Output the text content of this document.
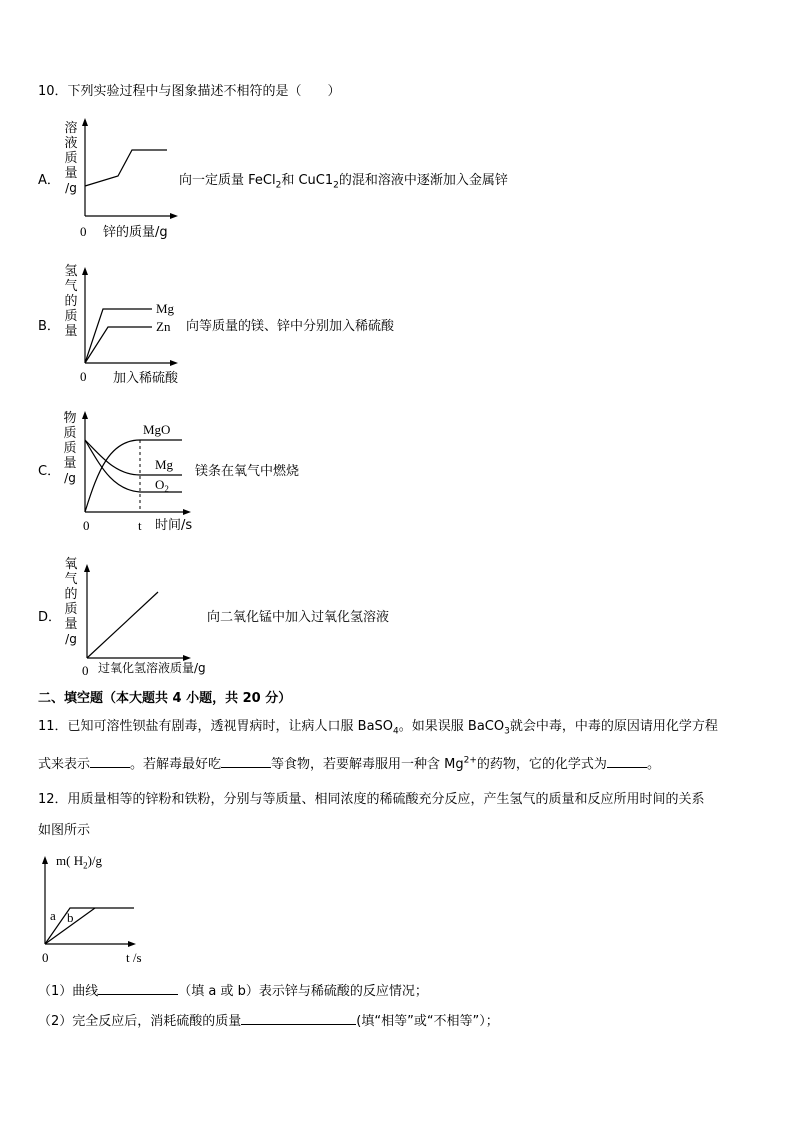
10．下列实验过程中与图象描述不相符的是（　　）
A．
溶
液
质
量
/g
0 锌的质量/g
向一定质量 FeCl$_2$和 $CuC1_2$的混和溶液中逐渐加入金属锌
B．
氢
气
的
质
量
Mg
Zn
0 加入稀硫酸
向等质量的镁、锌中分别加入稀硫酸
C．
物
质
质
量
/g
MgO
Mg
$O_2$
0	t 时间/s
镁条在氧气中燃烧
D．
氧
气
的
质
量
/g
0 过氧化氢溶液质量/g
向二氧化锰中加入过氧化氢溶液
二、填空题（本大题共 4 小题，共 20 分）
11．已知可溶性钡盐有剧毒，透视胃病时，让病人口服 BaSO$_4$。如果误服 BaCO$_3$就会中毒，中毒的原因请用化学方程
式来表示	。若解毒最好吃	等食物，若要解毒服用一种含 $Mg^{2+}$的药物，它的化学式为	。
12．用质量相等的锌粉和铁粉，分别与等质量、相同浓度的稀硫酸充分反应，产生氢气的质量和反应所用时间的关系
如图所示
a b
m( $H_2)/g$
0	t /s
（1）曲线	（填 a 或 b）表示锌与稀硫酸的反应情况；
（2）完全反应后，消耗硫酸的质量	(填“相等”或“不相等”）；
